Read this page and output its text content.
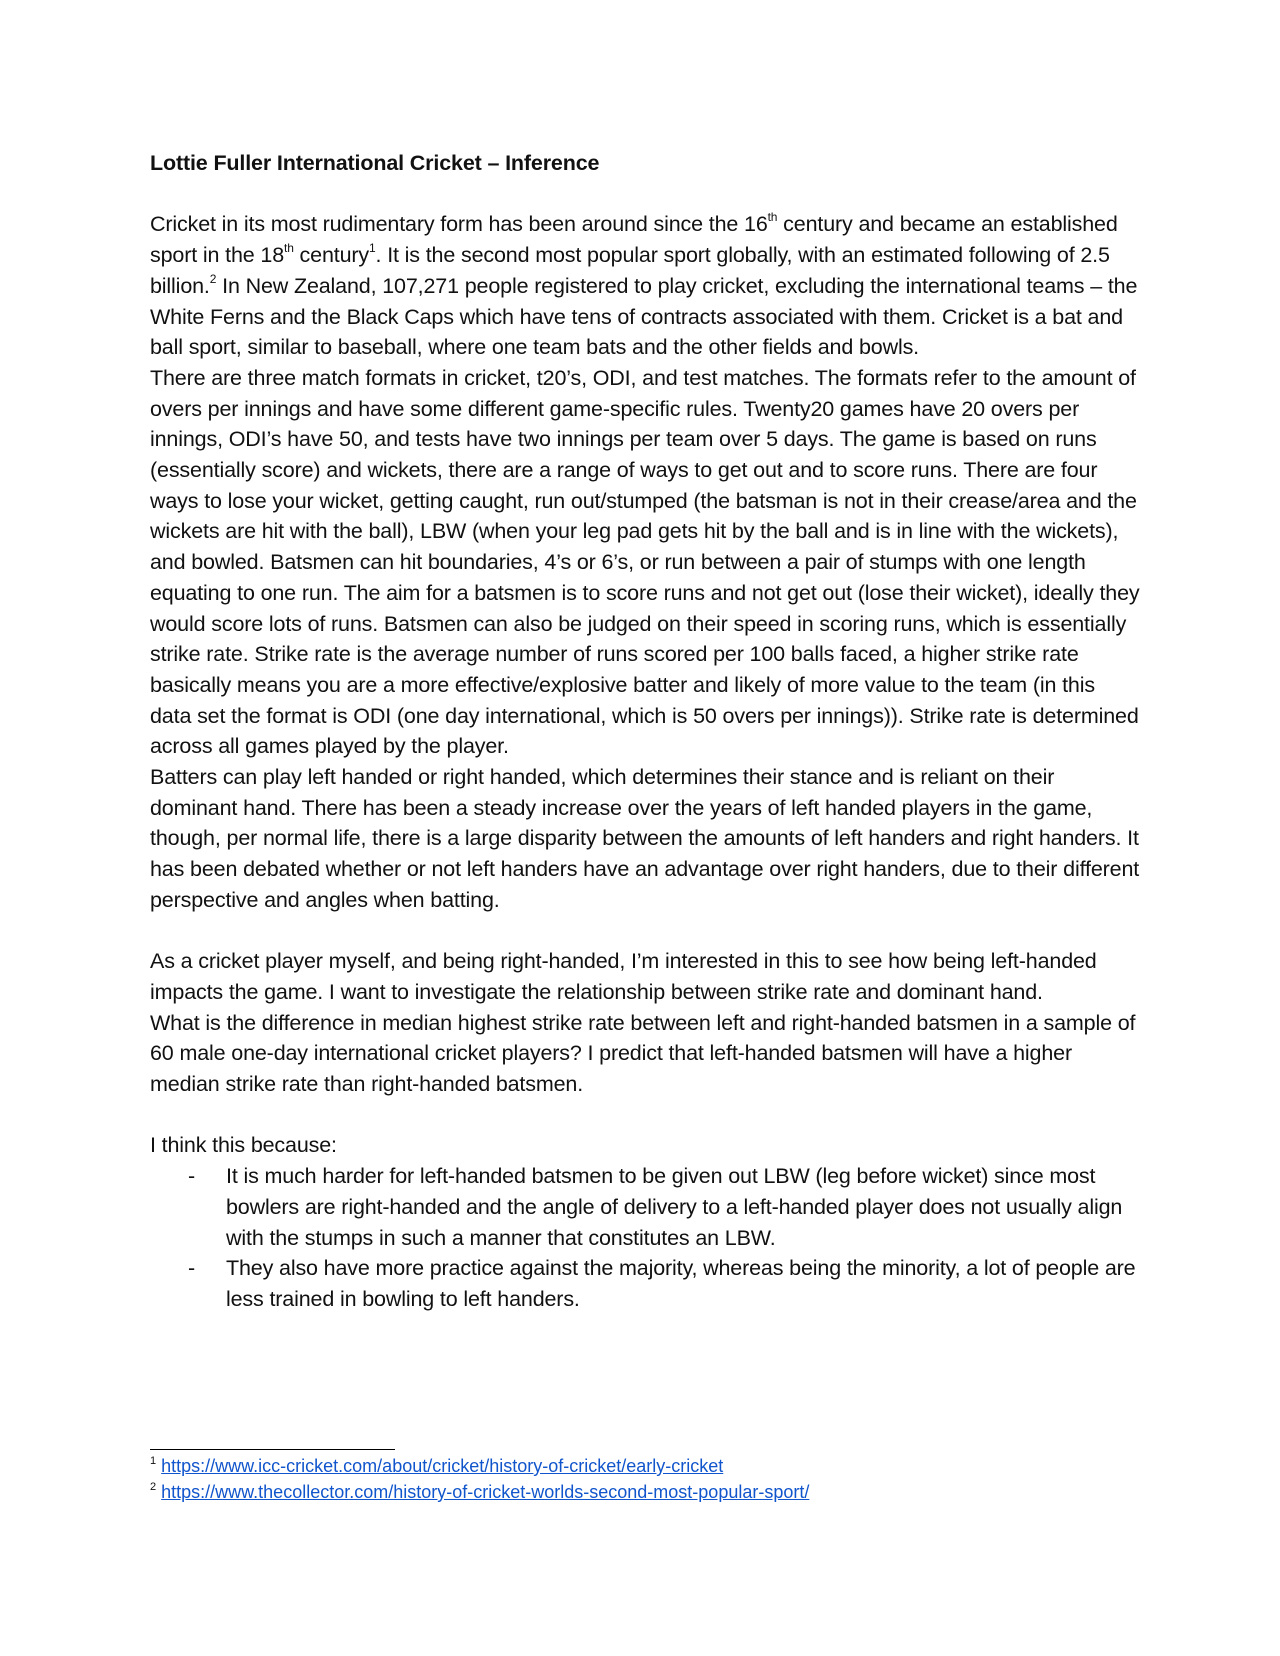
Lottie Fuller International Cricket – Inference

Cricket in its most rudimentary form has been around since the 16th century and became an established sport in the 18th century$^1$. It is the second most popular sport globally, with an estimated following of 2.5 billion.$^2$ In New Zealand, 107,271 people registered to play cricket, excluding the international teams – the White Ferns and the Black Caps which have tens of contracts associated with them. Cricket is a bat and ball sport, similar to baseball, where one team bats and the other fields and bowls.

There are three match formats in cricket, t20’s, ODI, and test matches. The formats refer to the amount of overs per innings and have some different game-specific rules. Twenty20 games have 20 overs per innings, ODI’s have 50, and tests have two innings per team over 5 days. The game is based on runs (essentially score) and wickets, there are a range of ways to get out and to score runs. There are four ways to lose your wicket, getting caught, run out/stumped (the batsman is not in their crease/area and the wickets are hit with the ball), LBW (when your leg pad gets hit by the ball and is in line with the wickets), and bowled. Batsmen can hit boundaries, 4’s or 6’s, or run between a pair of stumps with one length equating to one run. The aim for a batsmen is to score runs and not get out (lose their wicket), ideally they would score lots of runs. Batsmen can also be judged on their speed in scoring runs, which is essentially strike rate. Strike rate is the average number of runs scored per 100 balls faced, a higher strike rate basically means you are a more effective/explosive batter and likely of more value to the team (in this data set the format is ODI (one day international, which is 50 overs per innings)). Strike rate is determined across all games played by the player.

Batters can play left handed or right handed, which determines their stance and is reliant on their dominant hand. There has been a steady increase over the years of left handed players in the game, though, per normal life, there is a large disparity between the amounts of left handers and right handers. It has been debated whether or not left handers have an advantage over right handers, due to their different perspective and angles when batting.

As a cricket player myself, and being right-handed, I’m interested in this to see how being left-handed impacts the game. I want to investigate the relationship between strike rate and dominant hand.

What is the difference in median highest strike rate between left and right-handed batsmen in a sample of 60 male one-day international cricket players? I predict that left-handed batsmen will have a higher median strike rate than right-handed batsmen.

I think this because:

- It is much harder for left-handed batsmen to be given out LBW (leg before wicket) since most bowlers are right-handed and the angle of delivery to a left-handed player does not usually align with the stumps in such a manner that constitutes an LBW.
- They also have more practice against the majority, whereas being the minority, a lot of people are less trained in bowling to left handers.
$^1$ https://www.icc-cricket.com/about/cricket/history-of-cricket/early-cricket
$^2$ https://www.thecollector.com/history-of-cricket-worlds-second-most-popular-sport/
